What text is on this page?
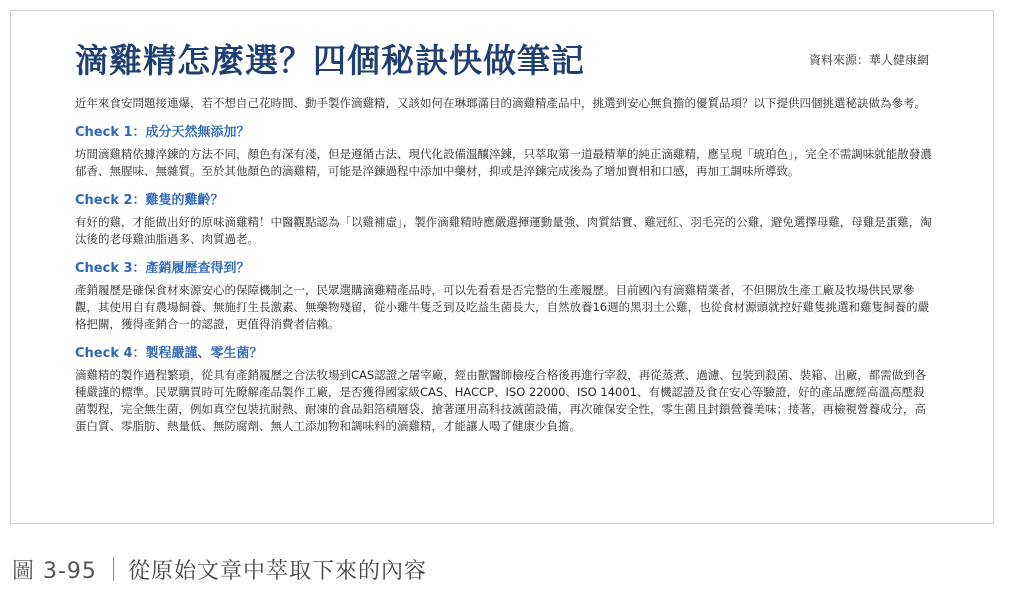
滴雞精怎麼選？四個秘訣快做筆記	資料來源：華人健康網

近年來食安問題接連爆，若不想自己花時間、動手製作滴雞精，又該如何在琳瑯滿目的滴雞精產品中，挑選到安心無負擔的優質品項？以下提供四個挑選秘訣做為參考。

Check 1：成分天然無添加？

坊間滴雞精依據淬鍊的方法不同，顏色有深有淺，但是遵循古法、現代化設備溫釀淬鍊，只萃取第一道最精華的純正滴雞精，應呈現「琥珀色」，完全不需調味就能散發濃郁香、無腥味、無雜質。至於其他顏色的滴雞精，可能是淬鍊過程中添加中藥材，抑或是淬鍊完成後為了增加賣相和口感，再加工調味所導致。

Check 2：雞隻的雞齡？

有好的雞，才能做出好的原味滴雞精！中醫觀點認為「以雞補虛」，製作滴雞精時應嚴選揮運動量強、肉質結實、雞冠紅、羽毛亮的公雞，避免選擇母雞，母雞是蛋雞，淘汰後的老母雞油脂過多、肉質過老。

Check 3：產銷履歷查得到？

產銷履歷是確保食材來源安心的保障機制之一，民眾選購滴雞精產品時，可以先看看是否完整的生產履歷。目前國內有滴雞精業者，不但開放生產工廠及牧場供民眾參觀，其使用自有農場飼養、無施打生長激素、無藥物殘留，從小雞牛隻乏到及吃益生菌長大，自然放養16週的黑羽土公雞，也從食材源頭就控好雞隻挑選和雞隻飼養的嚴格把關，獲得產銷合一的認證，更值得消費者信賴。

Check 4：製程嚴謹、零生菌？

滴雞精的製作過程繁瑣，從具有產銷履歷之合法牧場到CAS認證之屠宰廠，經由獸醫師檢疫合格後再進行宰殺，再從蒸煮、過濾、包裝到殺菌、裝箱、出廠，都需做到各種嚴謹的標準。民眾購買時可先瞭解產品製作工廠，是否獲得國家級CAS、HACCP、ISO 22000、ISO 14001、有機認證及食在安心等驗證，好的產品應經高溫高壓殺菌製程，完全無生菌，例如真空包裝抗耐熱、耐凍的食品鋁箔積層袋，搶著運用高科技滅菌設備，再次確保安全性，零生菌且封鎖營養美味；接著，再檢視營養成分，高蛋白質、零脂肪、熱量低、無防腐劑、無人工添加物和調味料的滴雞精，才能讓人喝了健康少負擔。

圖 3-95 從原始文章中萃取下來的內容
